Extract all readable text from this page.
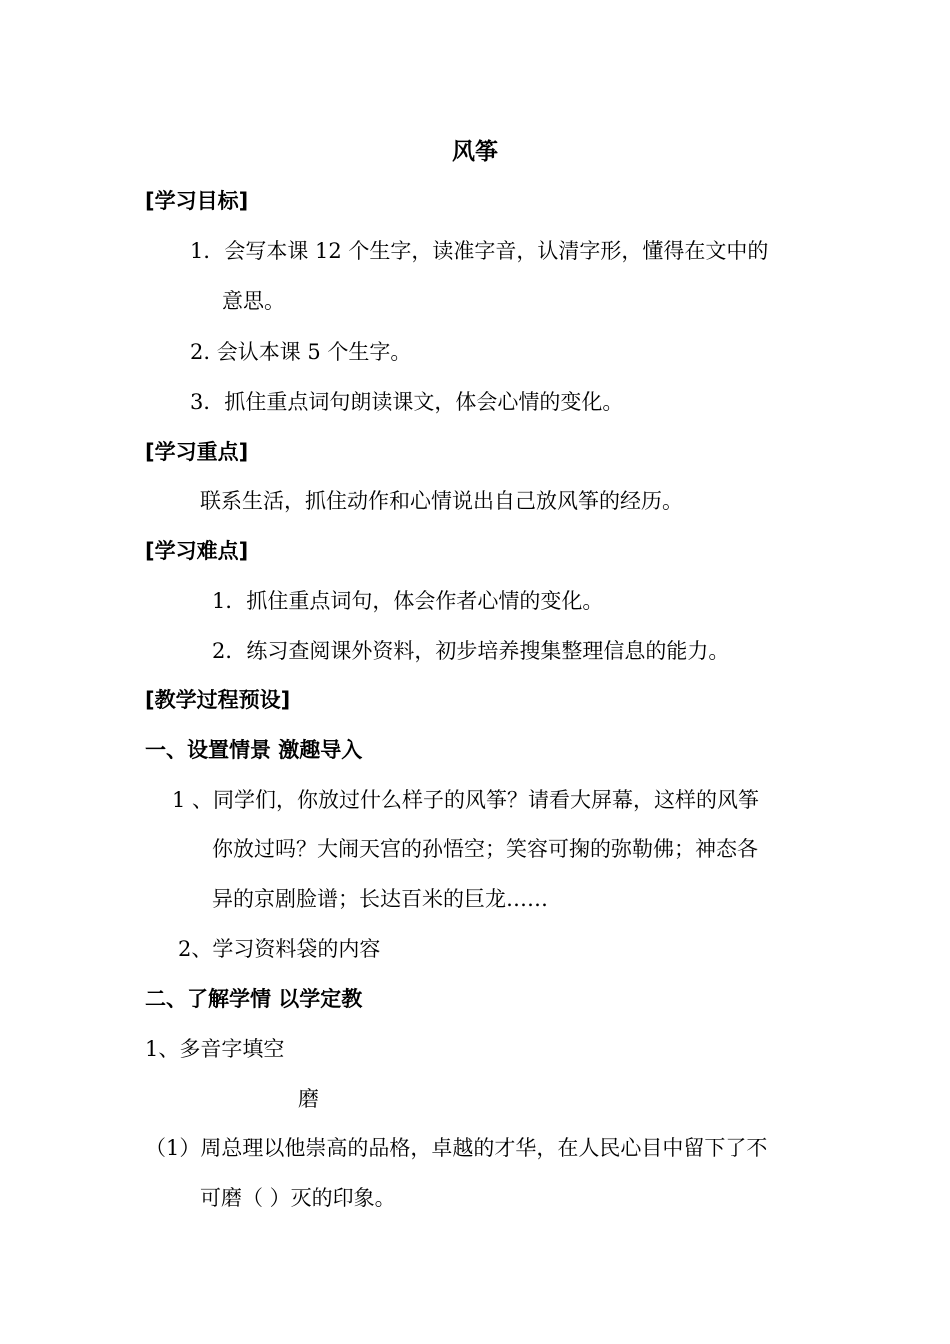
风筝
[学习目标]
1．会写本课 12 个生字，读准字音，认清字形，懂得在文中的
意思。
2. 会认本课 5 个生字。
3．抓住重点词句朗读课文，体会心情的变化。
[学习重点]
联系生活，抓住动作和心情说出自己放风筝的经历。
[学习难点]
1．抓住重点词句，体会作者心情的变化。
2．练习查阅课外资料，初步培养搜集整理信息的能力。
[教学过程预设]
一、设置情景 激趣导入
1 、同学们，你放过什么样子的风筝？请看大屏幕，这样的风筝
你放过吗？大闹天宫的孙悟空；笑容可掬的弥勒佛；神态各
异的京剧脸谱；长达百米的巨龙……
2、学习资料袋的内容
二、了解学情 以学定教
1、多音字填空
磨
（1）周总理以他崇高的品格，卓越的才华，在人民心目中留下了不
可磨（ ）灭的印象。
